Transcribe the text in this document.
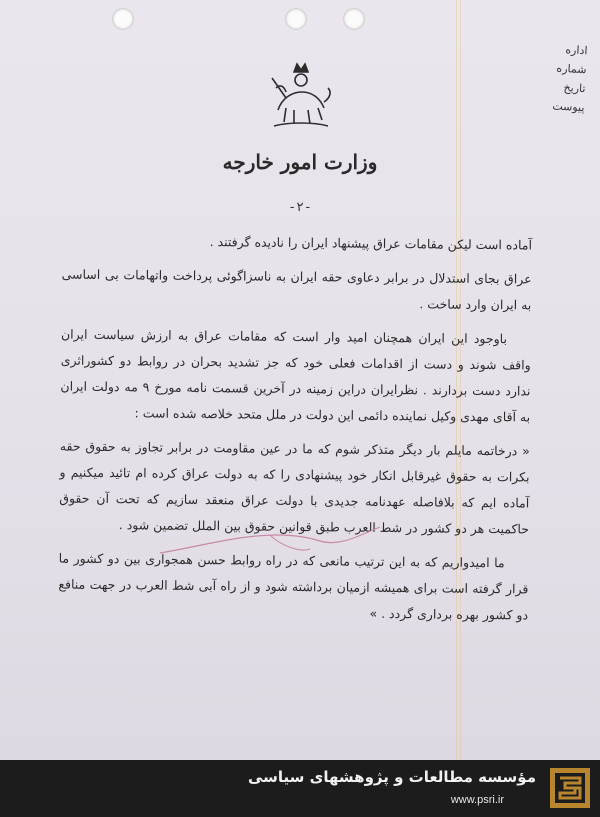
اداره
شماره
تاریخ
پیوست
وزارت امور خارجه
-۲-

آماده است لیکن مقامات عراق پیشنهاد ایران را نادیده گرفتند .

عراق بجای استدلال در برابر دعاوی حقه ایران به ناسزاگوئی پرداخت واتهامات بی اساسی به ایران وارد ساخت .

باوجود این ایران همچنان امید وار است که مقامات عراق به ارزش سیاست ایران واقف شوند و دست از اقدامات فعلی خود که جز تشدید بحران در روابط دو کشوراثری ندارد دست بردارند . نظرایران دراین زمینه در آخرین قسمت نامه مورخ ۹ مه دولت ایران به آقای مهدی وکیل نماینده دائمی این دولت در ملل متحد خلاصه شده است :

« درخاتمه مایلم بار دیگر متذکر شوم که ما در عین مقاومت در برابر تجاوز به حقوق حقه بکرات به حقوق غیرقابل انکار خود پیشنهادی را که به دولت عراق کرده ام تائید میکنیم و آماده ایم که بلافاصله عهدنامه جدیدی با دولت عراق منعقد سازیم که تحت آن حقوق حاکمیت هر دو کشور در شط العرب طبق قوانین حقوق بین الملل تضمین شود .

ما امیدواریم که به این ترتیب مانعی که در راه روابط حسن همجواری بین دو کشور ما قرار گرفته است برای همیشه ازمیان برداشته شود و از راه آبی شط العرب در جهت منافع دو کشور بهره برداری گردد . »

مؤسسه مطالعات و پژوهشهای سیاسی
www.psri.ir
